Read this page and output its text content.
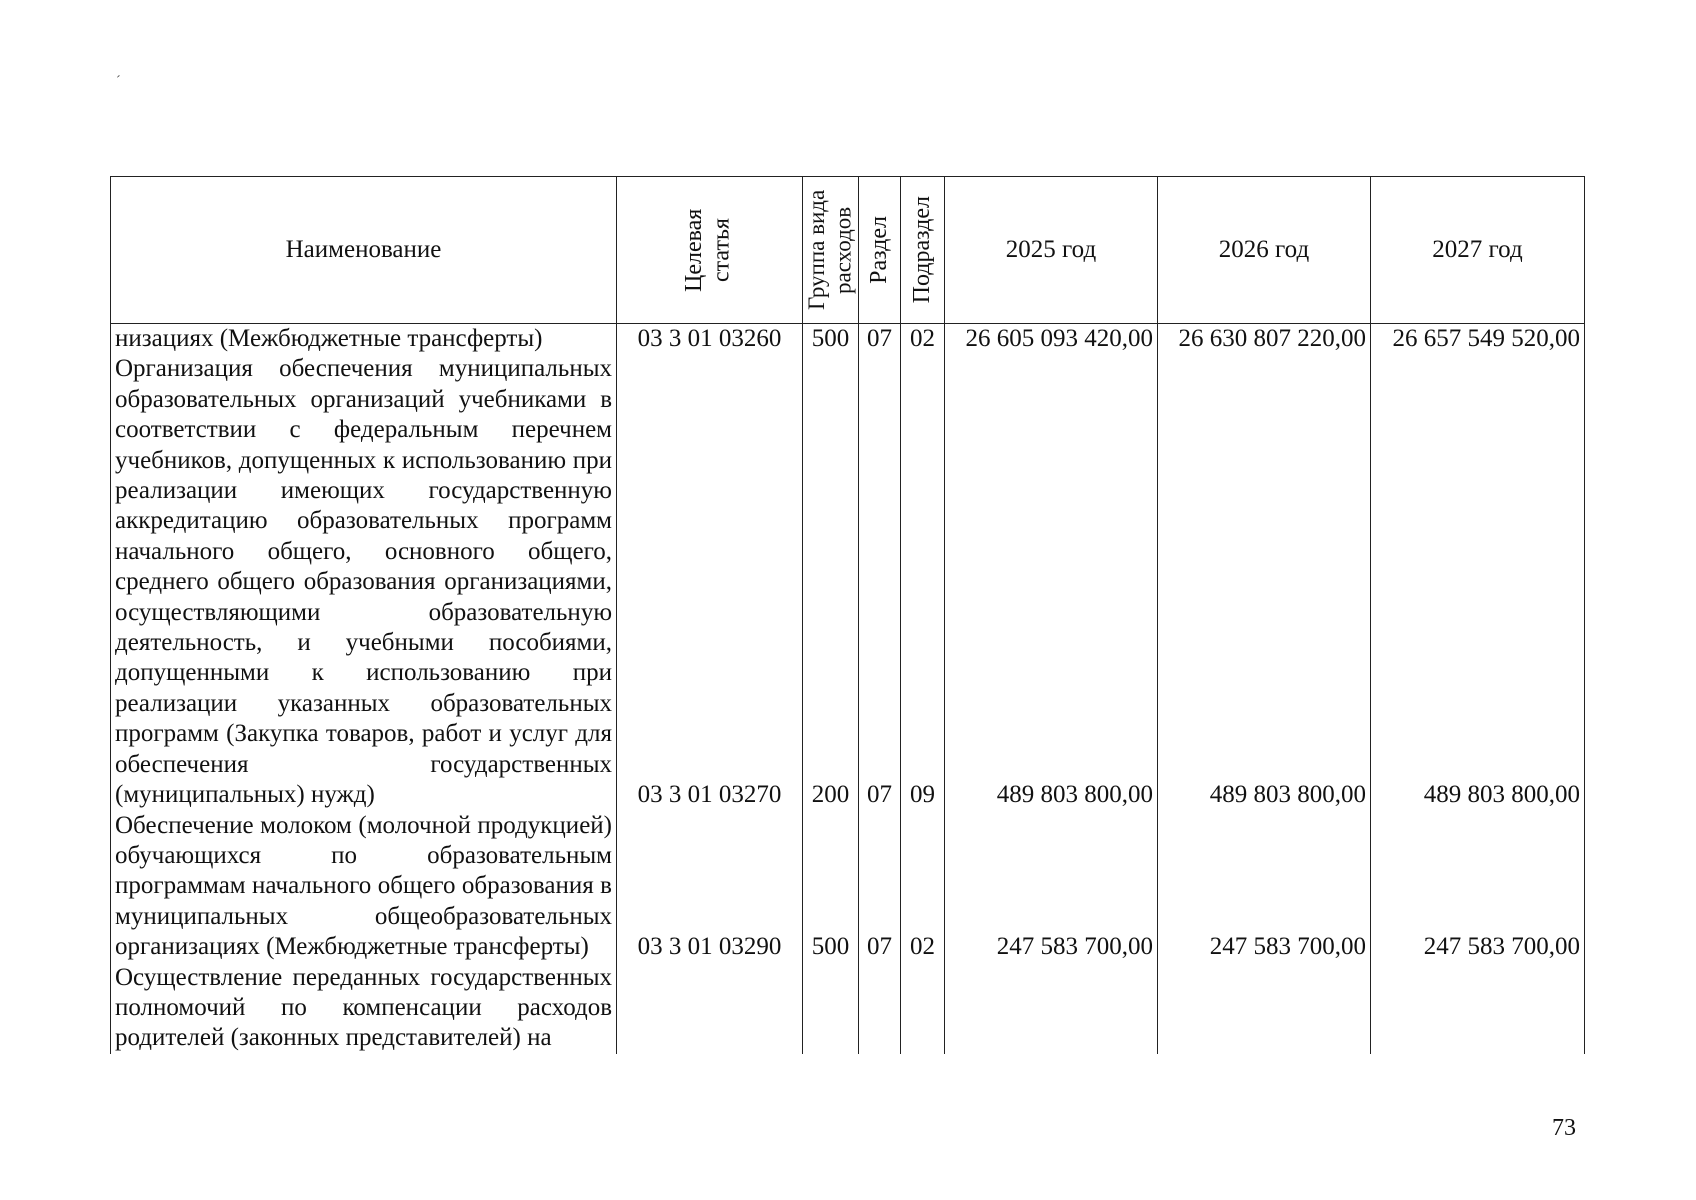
ˊ
Наименование	Целевая статья	Группа вида расходов	Раздел	Подраздел	2025 год	2026 год	2027 год
низациях (Межбюджетные трансферты)	03 3 01 03260	500	07	02	26 605 093 420,00	26 630 807 220,00	26 657 549 520,00
Организация обеспечения муниципальных образовательных организаций учебниками в соответствии с федеральным перечнем учебников, допущенных к использованию при реализации имеющих государственную аккредитацию образовательных программ начального общего, основного общего, среднего общего образования организациями, осуществляющими образовательную деятельность, и учебными пособиями, допущенными к использованию при реализации указанных образовательных программ (Закупка товаров, работ и услуг для обеспечения государственных (муниципальных) нужд)	03 3 01 03270	200	07	09	489 803 800,00	489 803 800,00	489 803 800,00
Обеспечение молоком (молочной продукцией) обучающихся по образовательным программам начального общего образования в муниципальных общеобразовательных организациях (Межбюджетные трансферты)	03 3 01 03290	500	07	02	247 583 700,00	247 583 700,00	247 583 700,00
Осуществление переданных государственных полномочий по компенсации расходов родителей (законных представителей) на							
73
